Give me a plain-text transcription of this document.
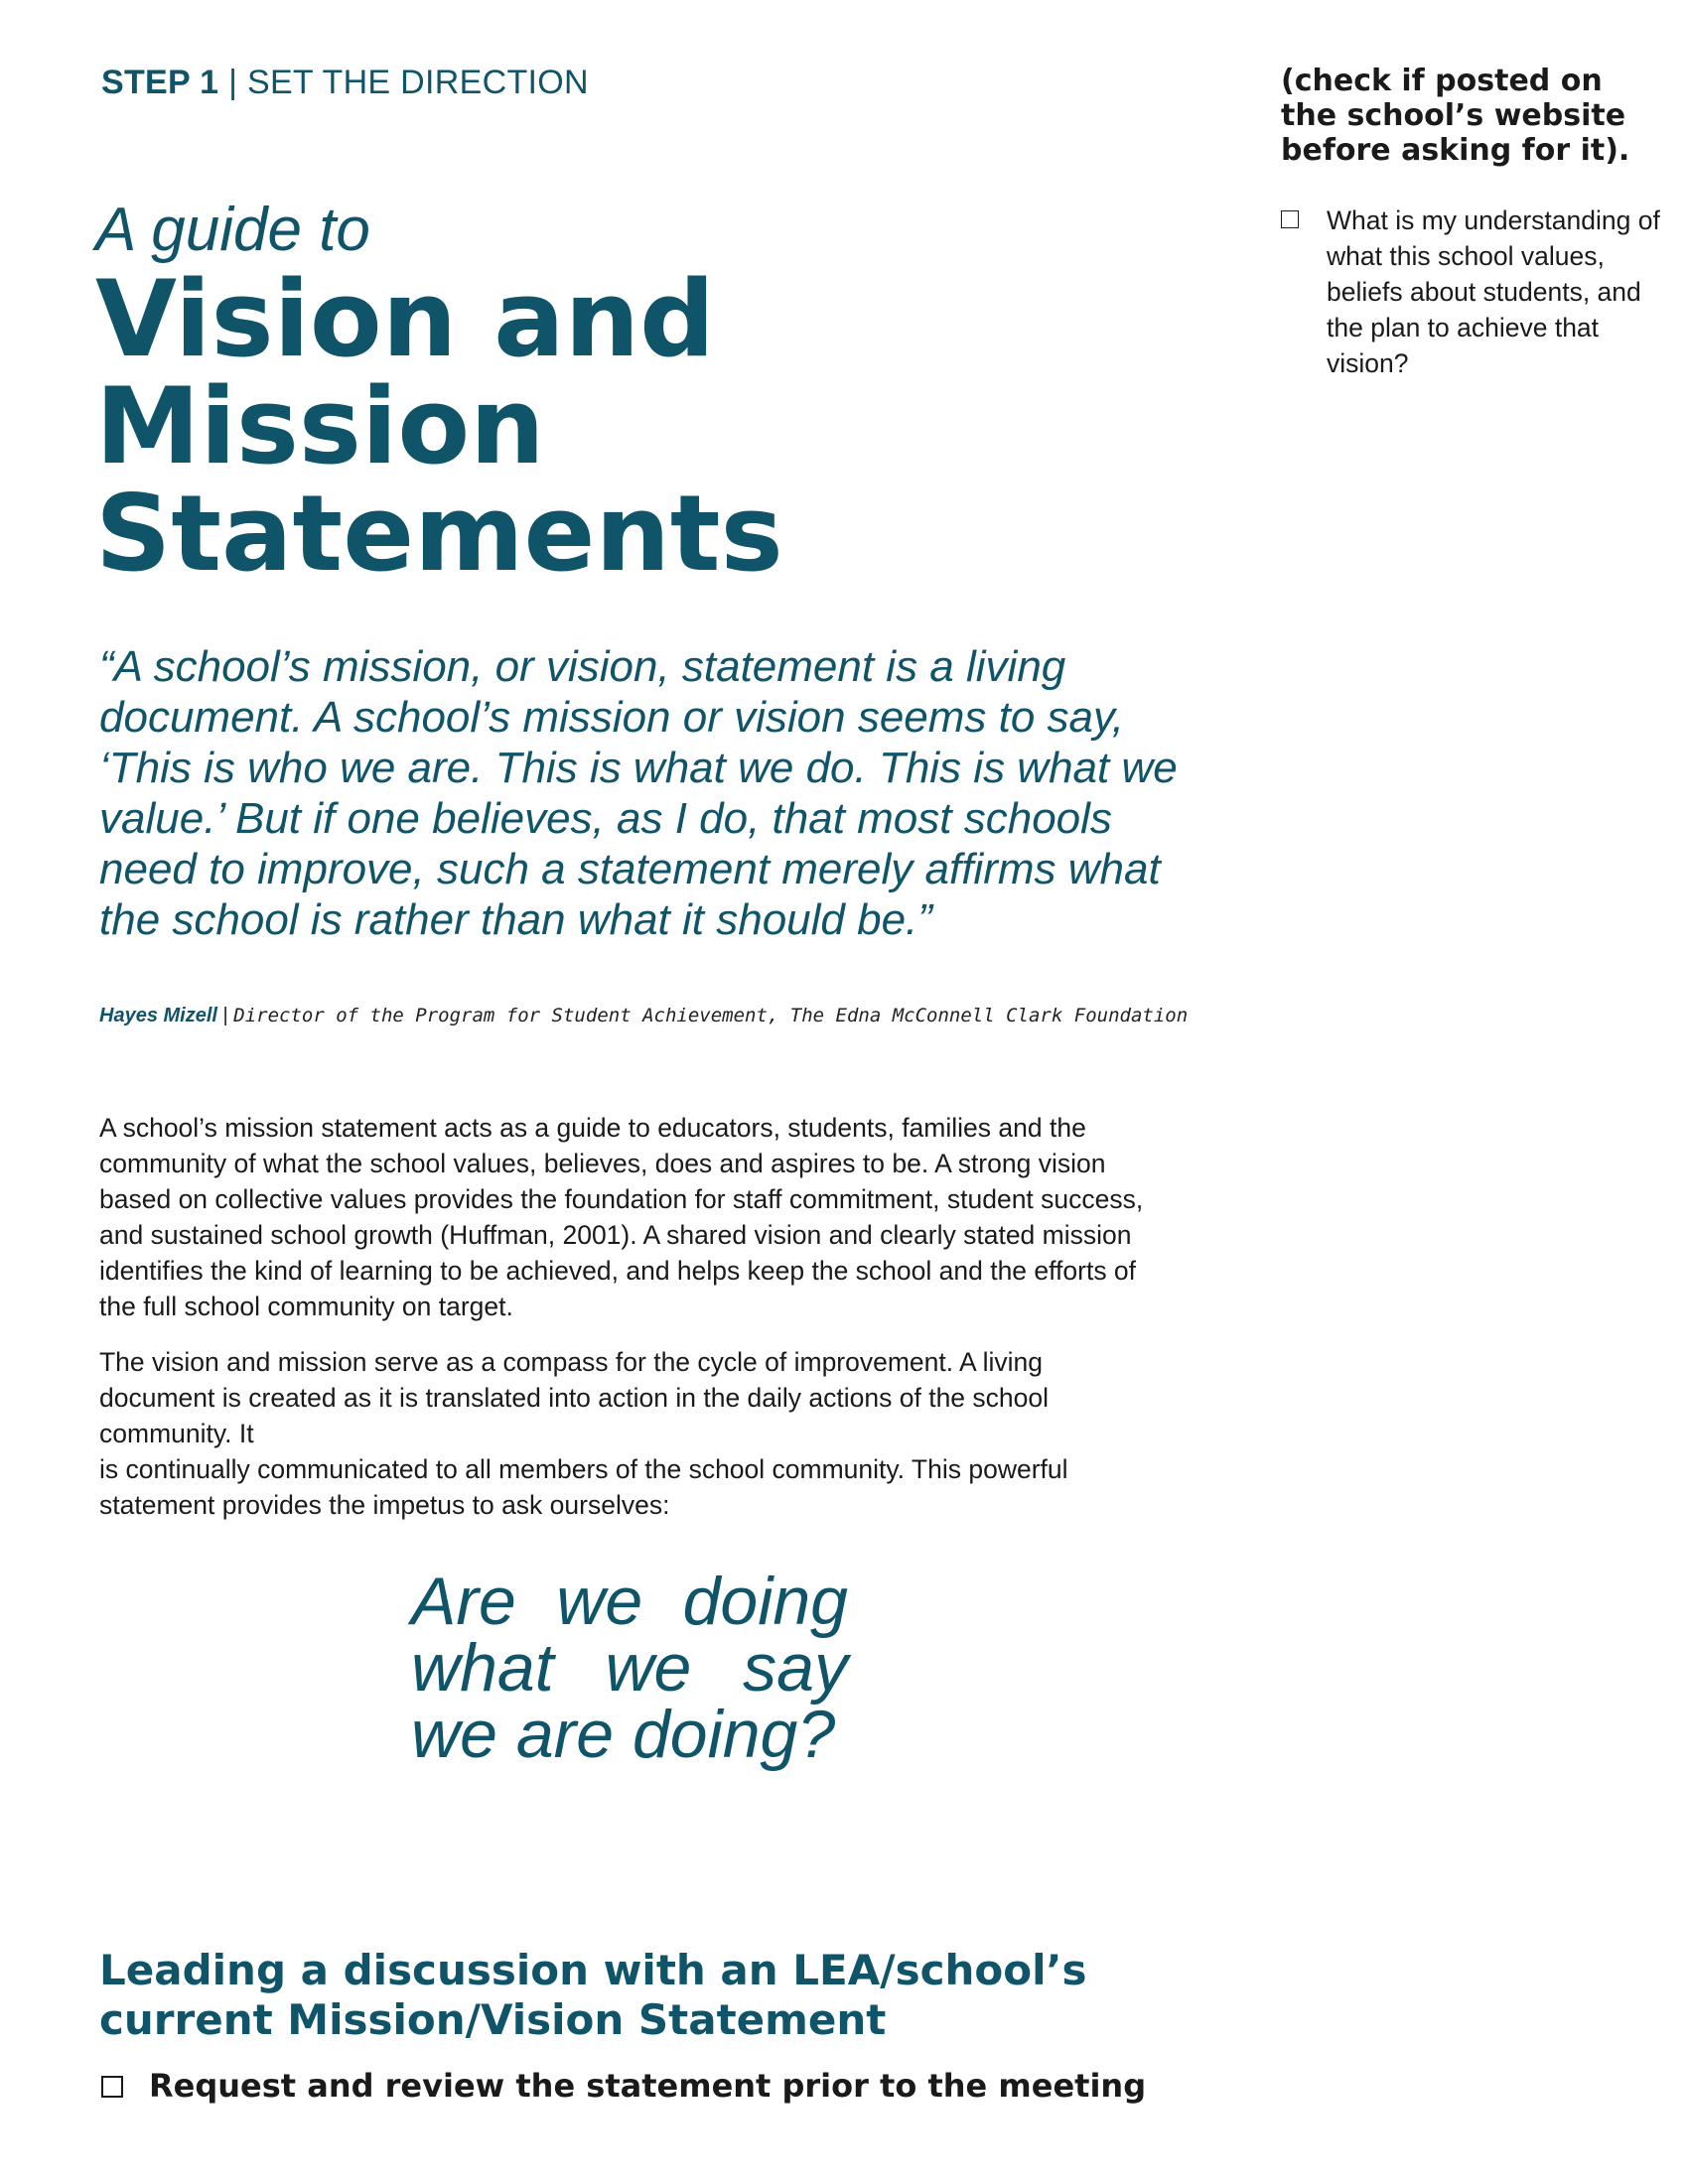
STEP 1 | SET THE DIRECTION
A guide to
Vision and Mission Statements

“A school’s mission, or vision, statement is a living document. A school’s mission or vision seems to say, ‘This is who we are. This is what we do. This is what we value.’ But if one believes, as I do, that most schools need to improve, such a statement merely affirms what the school is rather than what it should be.”

Hayes Mizell | Director of the Program for Student Achievement, The Edna McConnell Clark Foundation

A school’s mission statement acts as a guide to educators, students, families and the community of what the school values, believes, does and aspires to be. A strong vision based on collective values provides the foundation for staff commitment, student success, and sustained school growth (Huffman, 2001). A shared vision and clearly stated mission identifies the kind of learning to be achieved, and helps keep the school and the efforts of the full school community on target.

The vision and mission serve as a compass for the cycle of improvement. A living document is created as it is translated into action in the daily actions of the school community. It
is continually communicated to all members of the school community. This powerful statement provides the impetus to ask ourselves:

Are we doing what we say we are doing?

Leading a discussion with an LEA/school’s current Mission/Vision Statement
Request and review the statement prior to the meeting

(check if posted on the school’s website before asking for it).

What is my understanding of what this school values, beliefs about students, and the plan to achieve that vision?
